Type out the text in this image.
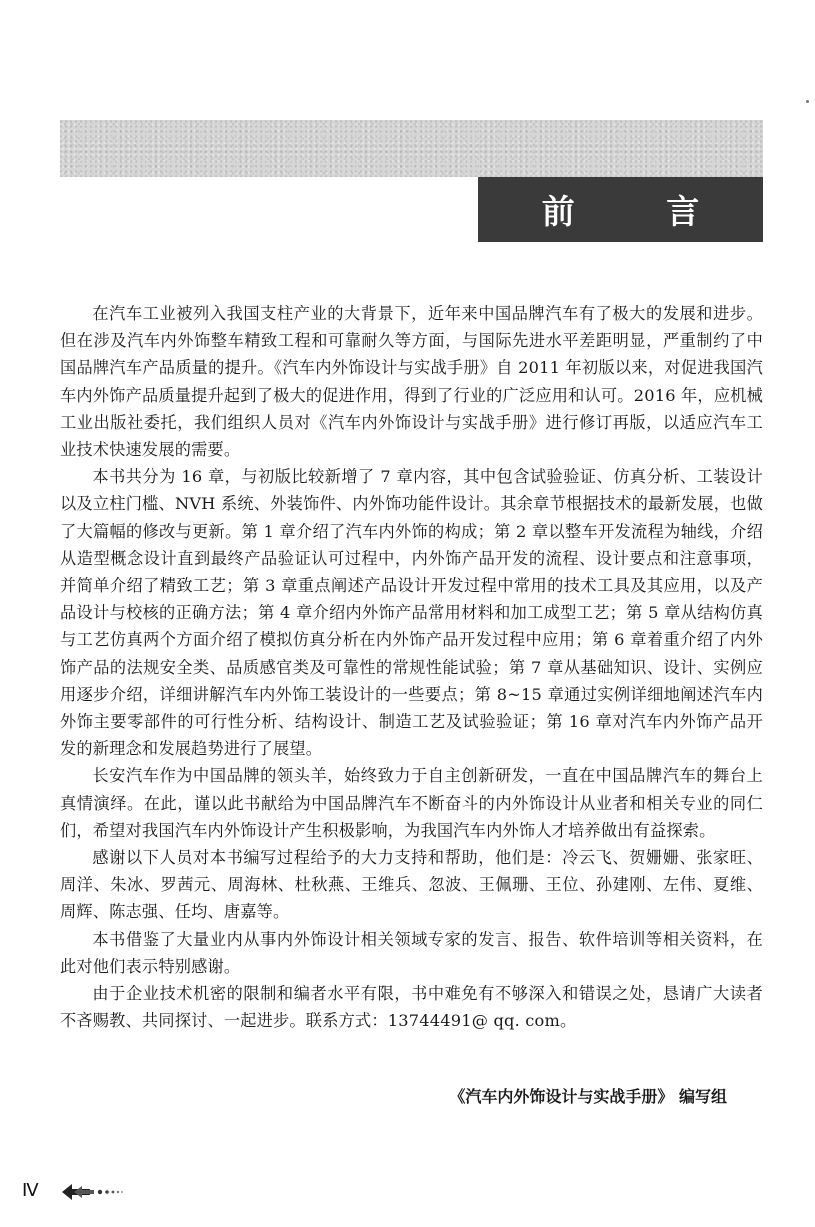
前 言

在汽车工业被列入我国支柱产业的大背景下，近年来中国品牌汽车有了极大的发展和进步。但在涉及汽车内外饰整车精致工程和可靠耐久等方面，与国际先进水平差距明显，严重制约了中国品牌汽车产品质量的提升。《汽车内外饰设计与实战手册》自 2011 年初版以来，对促进我国汽车内外饰产品质量提升起到了极大的促进作用，得到了行业的广泛应用和认可。2016 年，应机械工业出版社委托，我们组织人员对《汽车内外饰设计与实战手册》进行修订再版，以适应汽车工业技术快速发展的需要。

本书共分为 16 章，与初版比较新增了 7 章内容，其中包含试验验证、仿真分析、工装设计以及立柱门槛、NVH 系统、外装饰件、内外饰功能件设计。其余章节根据技术的最新发展，也做了大篇幅的修改与更新。第 1 章介绍了汽车内外饰的构成；第 2 章以整车开发流程为轴线，介绍从造型概念设计直到最终产品验证认可过程中，内外饰产品开发的流程、设计要点和注意事项，并简单介绍了精致工艺；第 3 章重点阐述产品设计开发过程中常用的技术工具及其应用，以及产品设计与校核的正确方法；第 4 章介绍内外饰产品常用材料和加工成型工艺；第 5 章从结构仿真与工艺仿真两个方面介绍了模拟仿真分析在内外饰产品开发过程中应用；第 6 章着重介绍了内外饰产品的法规安全类、品质感官类及可靠性的常规性能试验；第 7 章从基础知识、设计、实例应用逐步介绍，详细讲解汽车内外饰工装设计的一些要点；第 8~15 章通过实例详细地阐述汽车内外饰主要零部件的可行性分析、结构设计、制造工艺及试验验证；第 16 章对汽车内外饰产品开发的新理念和发展趋势进行了展望。

长安汽车作为中国品牌的领头羊，始终致力于自主创新研发，一直在中国品牌汽车的舞台上真情演绎。在此，谨以此书献给为中国品牌汽车不断奋斗的内外饰设计从业者和相关专业的同仁们，希望对我国汽车内外饰设计产生积极影响，为我国汽车内外饰人才培养做出有益探索。

感谢以下人员对本书编写过程给予的大力支持和帮助，他们是：冷云飞、贺姗姗、张家旺、周洋、朱冰、罗茜元、周海林、杜秋燕、王维兵、忽波、王佩珊、王位、孙建刚、左伟、夏维、周辉、陈志强、任均、唐嘉等。

本书借鉴了大量业内从事内外饰设计相关领域专家的发言、报告、软件培训等相关资料，在此对他们表示特别感谢。

由于企业技术机密的限制和编者水平有限，书中难免有不够深入和错误之处，恳请广大读者不吝赐教、共同探讨、一起进步。联系方式：13744491@ qq. com。

《汽车内外饰设计与实战手册》 编写组
Ⅳ
